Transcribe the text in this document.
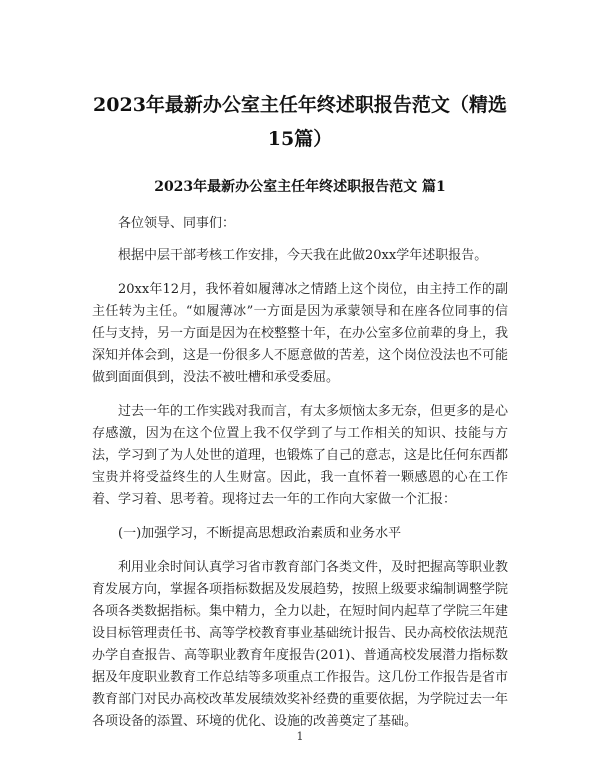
2023年最新办公室主任年终述职报告范文（精选15篇）
2023年最新办公室主任年终述职报告范文 篇1

各位领导、同事们：

根据中层干部考核工作安排，今天我在此做20xx学年述职报告。

20xx年12月，我怀着如履薄冰之情踏上这个岗位，由主持工作的副主任转为主任。“如履薄冰”一方面是因为承蒙领导和在座各位同事的信任与支持，另一方面是因为在校整整十年，在办公室多位前辈的身上，我深知并体会到，这是一份很多人不愿意做的苦差，这个岗位没法也不可能做到面面俱到，没法不被吐槽和承受委屈。

过去一年的工作实践对我而言，有太多烦恼太多无奈，但更多的是心存感激，因为在这个位置上我不仅学到了与工作相关的知识、技能与方法，学习到了为人处世的道理，也锻炼了自己的意志，这是比任何东西都宝贵并将受益终生的人生财富。因此，我一直怀着一颗感恩的心在工作着、学习着、思考着。现将过去一年的工作向大家做一个汇报：

(一)加强学习，不断提高思想政治素质和业务水平

利用业余时间认真学习省市教育部门各类文件，及时把握高等职业教育发展方向，掌握各项指标数据及发展趋势，按照上级要求编制调整学院各项各类数据指标。集中精力，全力以赴，在短时间内起草了学院三年建设目标管理责任书、高等学校教育事业基础统计报告、民办高校依法规范办学自查报告、高等职业教育年度报告(201)、普通高校发展潜力指标数据及年度职业教育工作总结等多项重点工作报告。这几份工作报告是省市教育部门对民办高校改革发展绩效奖补经费的重要依据，为学院过去一年各项设备的添置、环境的优化、设施的改善奠定了基础。

1
